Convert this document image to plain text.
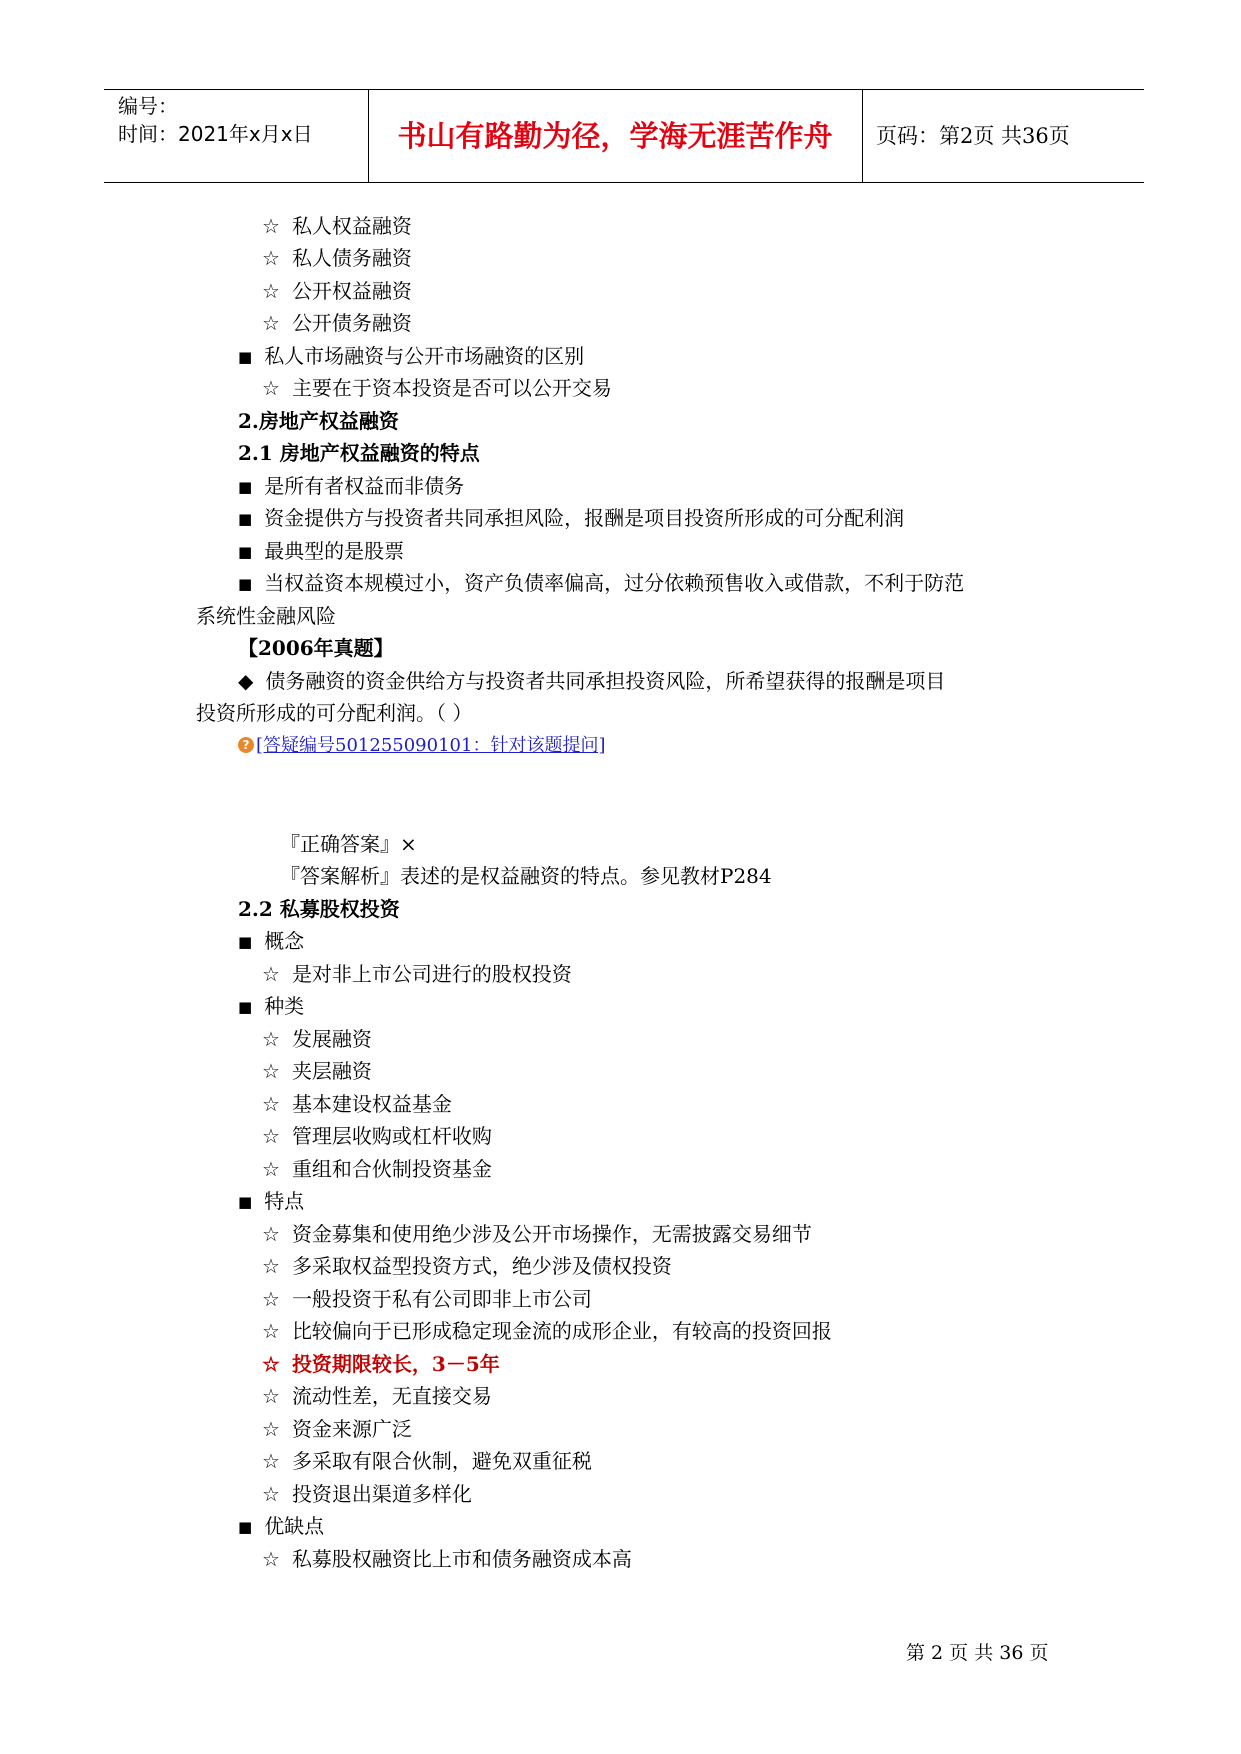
编号：
时间：2021年x月x日	书山有路勤为径，学海无涯苦作舟	页码：第2页 共36页
☆ 私人权益融资
☆ 私人债务融资
☆ 公开权益融资
☆ 公开债务融资
■ 私人市场融资与公开市场融资的区别
☆ 主要在于资本投资是否可以公开交易
2.房地产权益融资
2.1 房地产权益融资的特点
■ 是所有者权益而非债务
■ 资金提供方与投资者共同承担风险，报酬是项目投资所形成的可分配利润
■ 最典型的是股票
■ 当权益资本规模过小，资产负债率偏高，过分依赖预售收入或借款，不利于防范
系统性金融风险
【2006年真题】
◆ 债务融资的资金供给方与投资者共同承担投资风险，所希望获得的报酬是项目
投资所形成的可分配利润。（ ）
『正确答案』×
『答案解析』表述的是权益融资的特点。参见教材P284
2.2 私募股权投资
■ 概念
☆ 是对非上市公司进行的股权投资
■ 种类
☆ 发展融资
☆ 夹层融资
☆ 基本建设权益基金
☆ 管理层收购或杠杆收购
☆ 重组和合伙制投资基金
■ 特点
☆ 资金募集和使用绝少涉及公开市场操作，无需披露交易细节
☆ 多采取权益型投资方式，绝少涉及债权投资
☆ 一般投资于私有公司即非上市公司
☆ 比较偏向于已形成稳定现金流的成形企业，有较高的投资回报
☆ 投资期限较长，3－5年
☆ 流动性差，无直接交易
☆ 资金来源广泛
☆ 多采取有限合伙制，避免双重征税
☆ 投资退出渠道多样化
■ 优缺点
☆ 私募股权融资比上市和债务融资成本高
? [答疑编号501255090101：针对该题提问]
第 2 页 共 36 页
